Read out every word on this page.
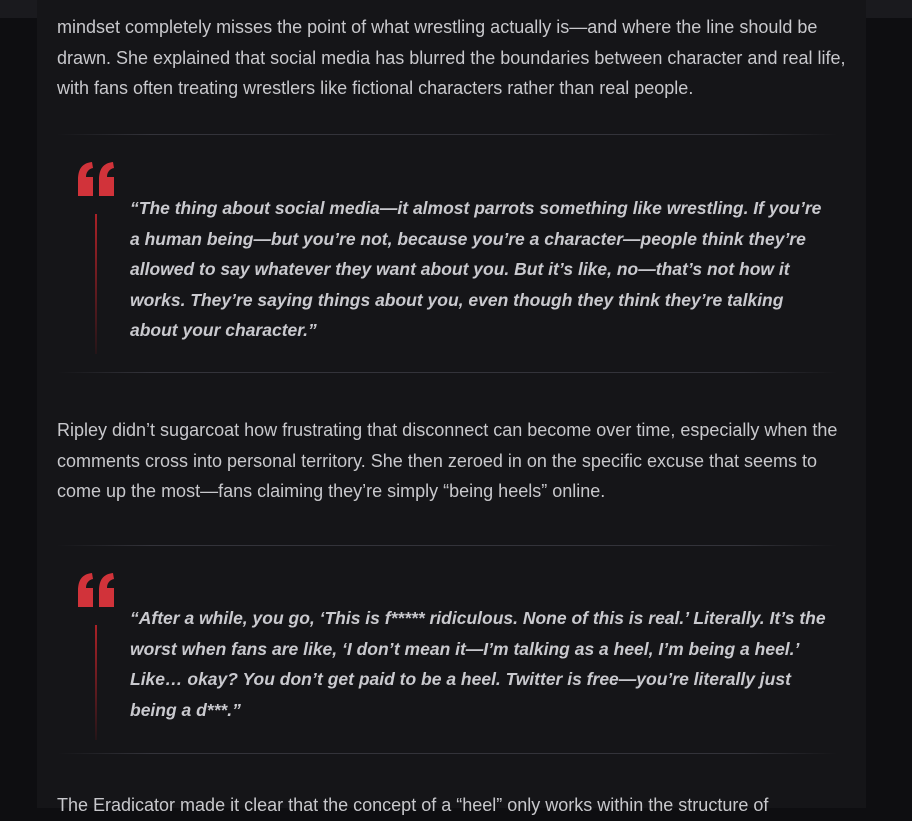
mindset completely misses the point of what wrestling actually is—and where the line should be drawn. She explained that social media has blurred the boundaries between character and real life, with fans often treating wrestlers like fictional characters rather than real people.

“The thing about social media—it almost parrots something like wrestling. If you’re a human being—but you’re not, because you’re a character—people think they’re allowed to say whatever they want about you. But it’s like, no—that’s not how it works. They’re saying things about you, even though they think they’re talking about your character.”

Ripley didn’t sugarcoat how frustrating that disconnect can become over time, especially when the comments cross into personal territory. She then zeroed in on the specific excuse that seems to come up the most—fans claiming they’re simply “being heels” online.

“After a while, you go, ‘This is f***** ridiculous. None of this is real.’ Literally. It’s the worst when fans are like, ‘I don’t mean it—I’m talking as a heel, I’m being a heel.’ Like… okay? You don’t get paid to be a heel. Twitter is free—you’re literally just being a d***.”

The Eradicator made it clear that the concept of a “heel” only works within the structure of
